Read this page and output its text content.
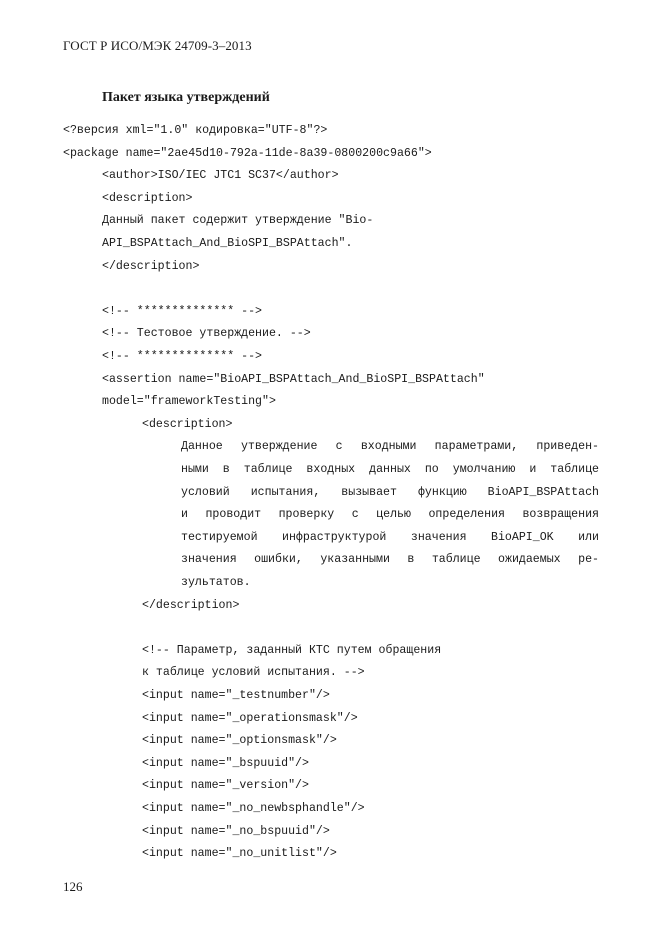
ГОСТ Р ИСО/МЭК 24709-3–2013
Пакет языка утверждений
<?версия xml="1.0" кодировка="UTF-8"?>
<package name="2ae45d10-792a-11de-8a39-0800200c9a66">
<author>ISO/IEC JTC1 SC37</author>
<description>
Данный пакет содержит утверждение "Bio-
API_BSPAttach_And_BioSPI_BSPAttach".
</description>
<!-- ************** -->
<!-- Тестовое утверждение. -->
<!-- ************** -->
<assertion name="BioAPI_BSPAttach_And_BioSPI_BSPAttach"
model="frameworkTesting">
<description>
Данное утверждение с входными параметрами, приведен-
ными в таблице входных данных по умолчанию и таблице
условий испытания, вызывает функцию BioAPI_BSPAttach
и проводит проверку с целью определения возвращения
тестируемой инфраструктурой значения BioAPI_OK или
значения ошибки, указанными в таблице ожидаемых ре-
зультатов.
</description>
<!-- Параметр, заданный КТС путем обращения
к таблице условий испытания. -->
<input name="_testnumber"/>
<input name="_operationsmask"/>
<input name="_optionsmask"/>
<input name="_bspuuid"/>
<input name="_version"/>
<input name="_no_newbsphandle"/>
<input name="_no_bspuuid"/>
<input name="_no_unitlist"/>
126
